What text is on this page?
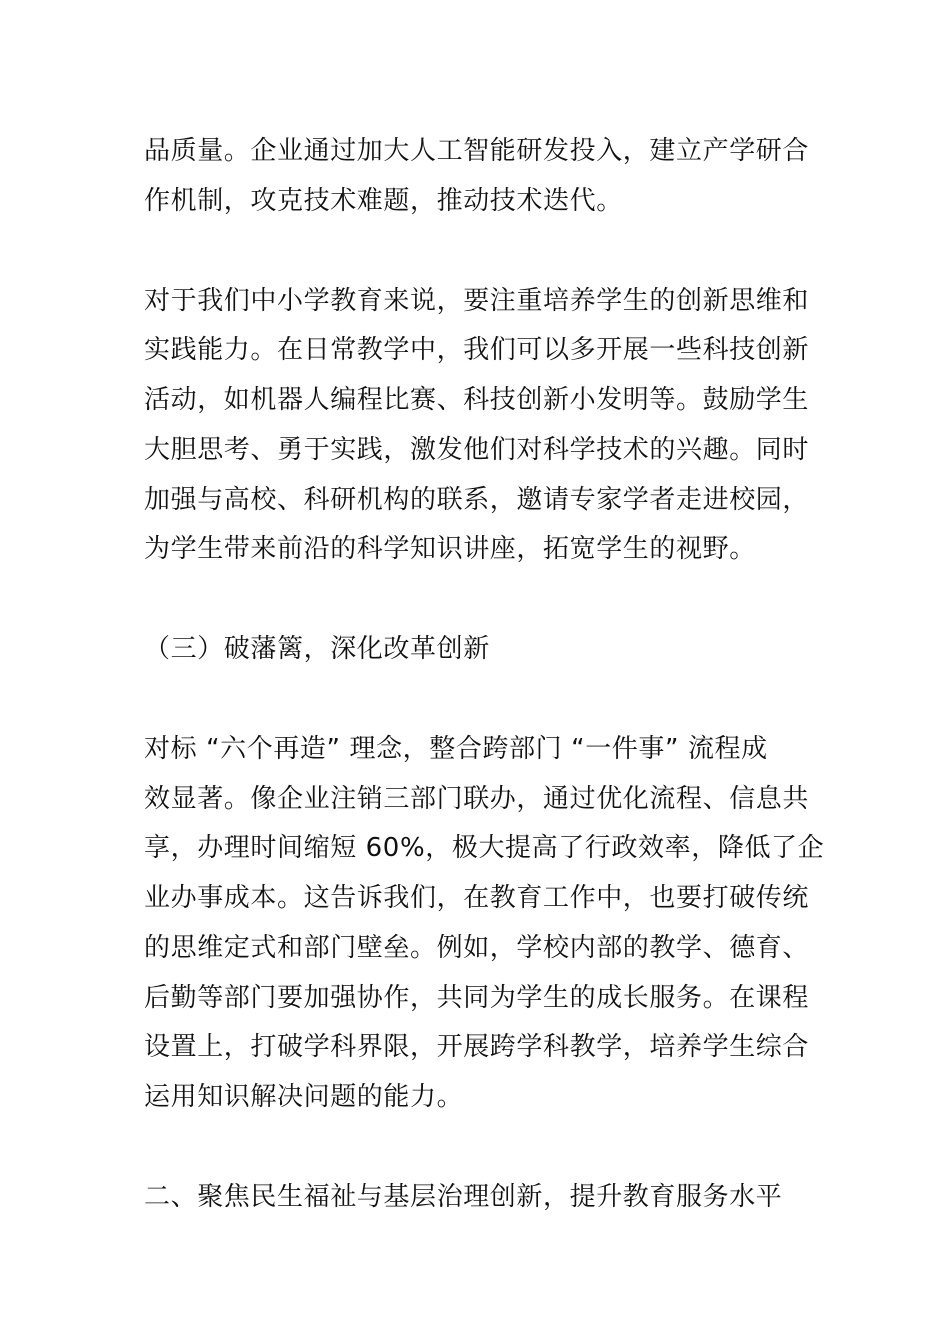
品质量。企业通过加大人工智能研发投入，建立产学研合
作机制，攻克技术难题，推动技术迭代。
对于我们中小学教育来说，要注重培养学生的创新思维和
实践能力。在日常教学中，我们可以多开展一些科技创新
活动，如机器人编程比赛、科技创新小发明等。鼓励学生
大胆思考、勇于实践，激发他们对科学技术的兴趣。同时
加强与高校、科研机构的联系，邀请专家学者走进校园，
为学生带来前沿的科学知识讲座，拓宽学生的视野。
（三）破藩篱，深化改革创新
对标 “六个再造” 理念，整合跨部门 “一件事” 流程成
效显著。像企业注销三部门联办，通过优化流程、信息共
享，办理时间缩短 60%，极大提高了行政效率，降低了企
业办事成本。这告诉我们，在教育工作中，也要打破传统
的思维定式和部门壁垒。例如，学校内部的教学、德育、
后勤等部门要加强协作，共同为学生的成长服务。在课程
设置上，打破学科界限，开展跨学科教学，培养学生综合
运用知识解决问题的能力。
二、聚焦民生福祉与基层治理创新，提升教育服务水平
